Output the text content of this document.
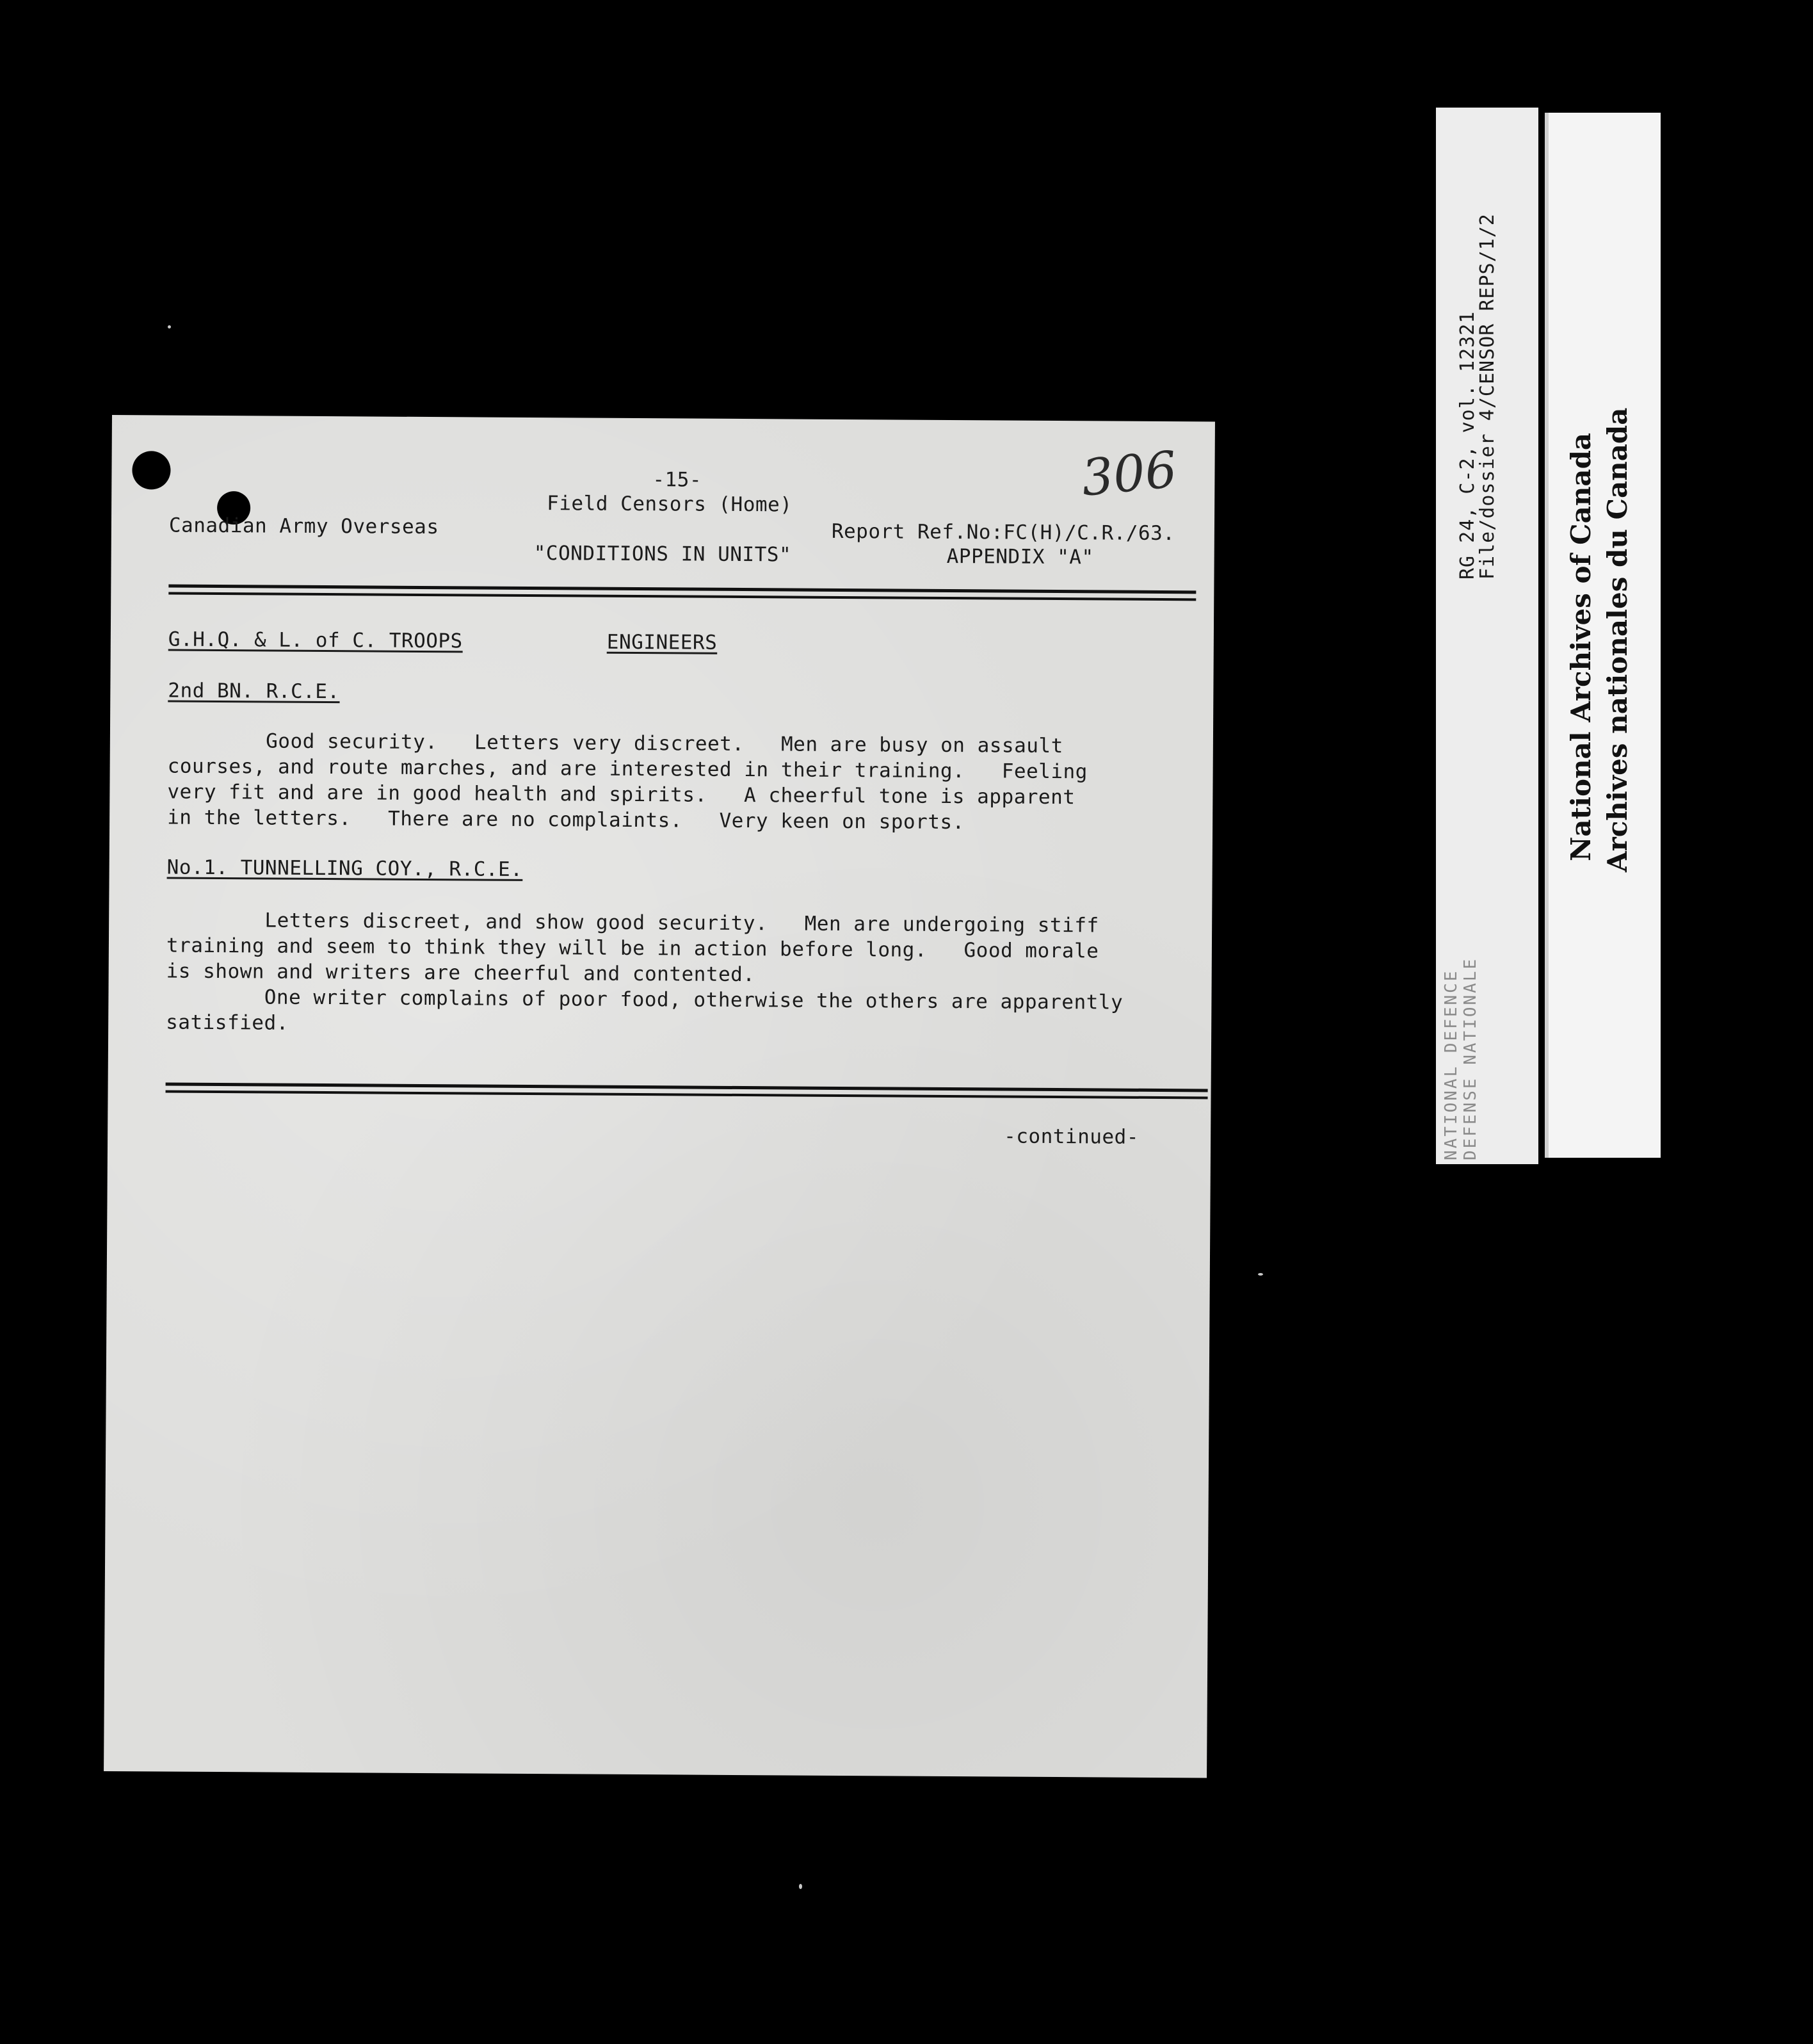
-15-	306
Field Censors (Home)
Canadian Army Overseas
"CONDITIONS IN UNITS"
Report Ref.No:FC(H)/C.R./63.
APPENDIX "A"
G.H.Q. & L. of C. TROOPS	ENGINEERS
2nd BN. R.C.E.
Good security.   Letters very discreet.   Men are busy on assault
courses, and route marches, and are interested in their training.   Feeling
very fit and are in good health and spirits.   A cheerful tone is apparent
in the letters.   There are no complaints.   Very keen on sports.
No.1. TUNNELLING COY., R.C.E.
Letters discreet, and show good security.   Men are undergoing stiff
training and seem to think they will be in action before long.   Good morale
is shown and writers are cheerful and contented.
One writer complains of poor food, otherwise the others are apparently
satisfied.
-continued-
RG 24, C-2, vol. 12321
File/dossier 4/CENSOR REPS/1/2
NATIONAL DEFENCE DEFENSE NATIONALE
National Archives of Canada Archives nationales du Canada
